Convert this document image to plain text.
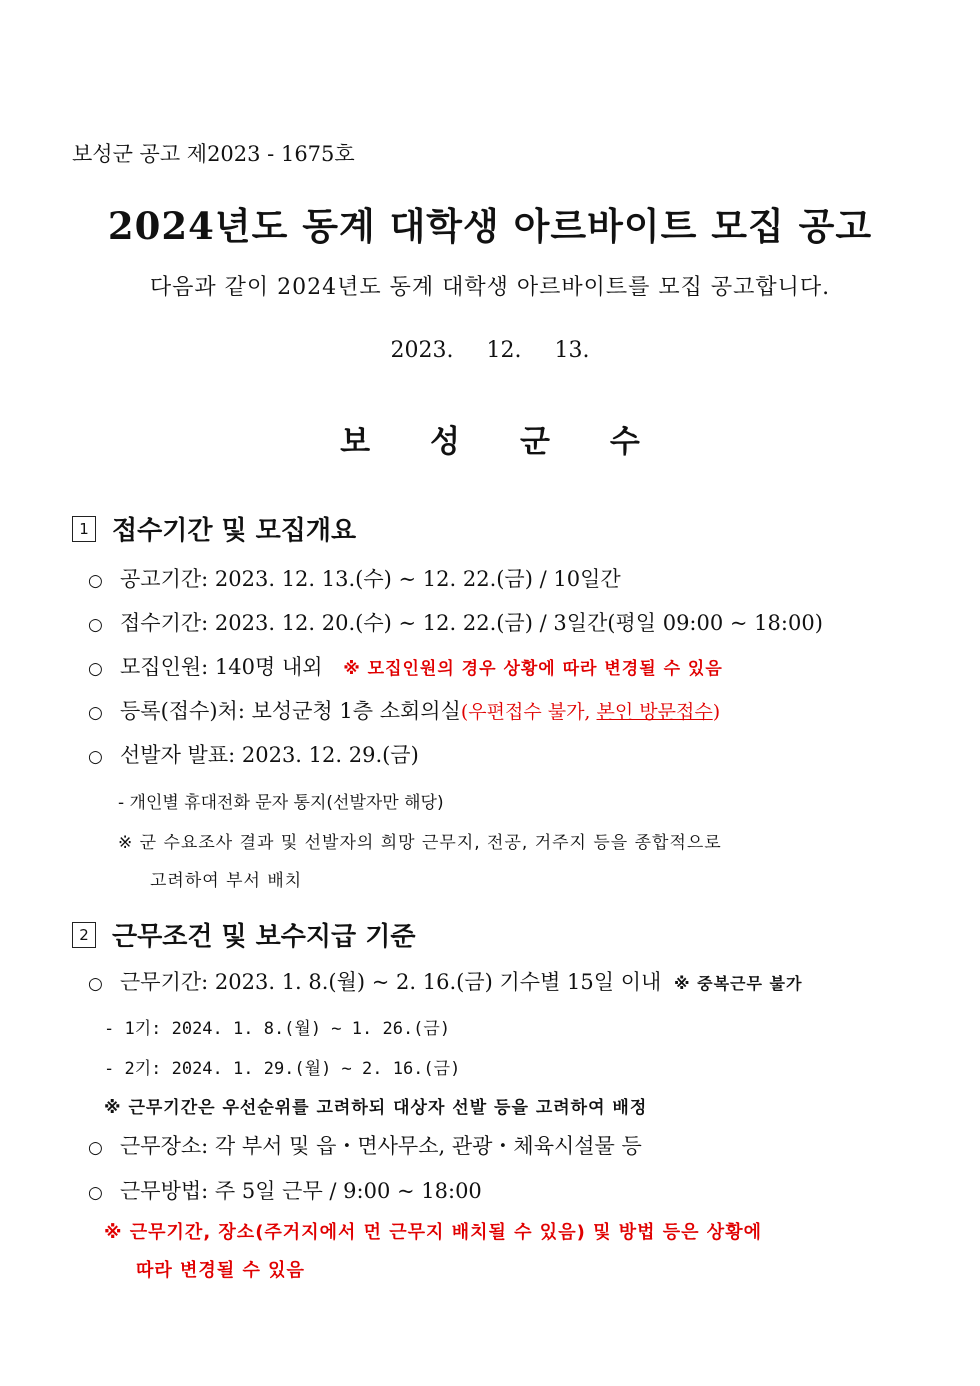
보성군 공고 제2023 - 1675호
2024년도 동계 대학생 아르바이트 모집 공고
다음과 같이 2024년도 동계 대학생 아르바이트를 모집 공고합니다.
2023. 12. 13.
보성군수
1 접수기간 및 모집개요
○ 공고기간: 2023. 12. 13.(수) ∼ 12. 22.(금) / 10일간
○ 접수기간: 2023. 12. 20.(수) ∼ 12. 22.(금) / 3일간(평일 09:00 ~ 18:00)
○ 모집인원: 140명 내외 ※ 모집인원의 경우 상황에 따라 변경될 수 있음
○ 등록(접수)처: 보성군청 1층 소회의실(우편접수 불가, 본인 방문접수)
○ 선발자 발표: 2023. 12. 29.(금)
- 개인별 휴대전화 문자 통지(선발자만 해당)
※ 군 수요조사 결과 및 선발자의 희망 근무지, 전공, 거주지 등을 종합적으로
고려하여 부서 배치
2 근무조건 및 보수지급 기준
○ 근무기간: 2023. 1. 8.(월) ~ 2. 16.(금) 기수별 15일 이내 ※ 중복근무 불가
- 1기: 2024. 1. 8.(월) ∼ 1. 26.(금)
- 2기: 2024. 1. 29.(월) ∼ 2. 16.(금)
※ 근무기간은 우선순위를 고려하되 대상자 선발 등을 고려하여 배정
○ 근무장소: 각 부서 및 읍・면사무소, 관광・체육시설물 등
○ 근무방법: 주 5일 근무 / 9:00 ~ 18:00
※ 근무기간, 장소(주거지에서 먼 근무지 배치될 수 있음) 및 방법 등은 상황에
따라 변경될 수 있음
